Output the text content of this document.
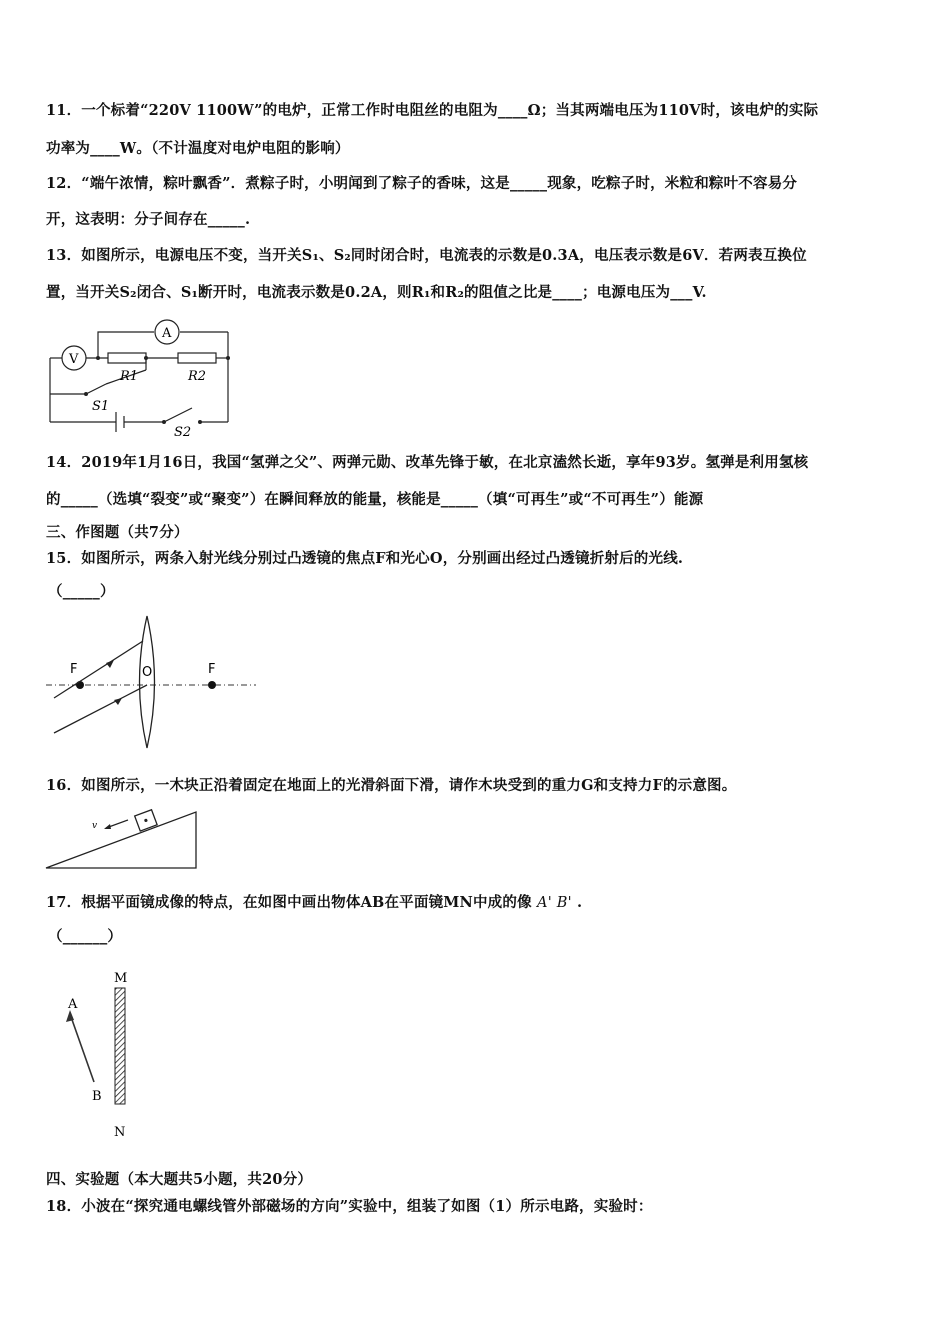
11．一个标着“220V 1100W”的电炉，正常工作时电阻丝的电阻为____Ω；当其两端电压为110V时，该电炉的实际
功率为____W。（不计温度对电炉电阻的影响）
12．“端午浓情，粽叶飘香”．煮粽子时，小明闻到了粽子的香味，这是_____现象，吃粽子时，米粒和粽叶不容易分
开，这表明：分子间存在_____.
13．如图所示，电源电压不变，当开关S₁、S₂同时闭合时，电流表的示数是0.3A，电压表示数是6V．若两表互换位
置，当开关S₂闭合、S₁断开时，电流表示数是0.2A，则R₁和R₂的阻值之比是____；电源电压为___V.
V
A
R1	R2
S1
S2
14．2019年1月16日，我国“氢弹之父”、两弹元勋、改革先锋于敏，在北京溘然长逝，享年93岁。氢弹是利用氢核
的_____（选填“裂变”或“聚变”）在瞬间释放的能量，核能是_____（填“可再生”或“不可再生”）能源
三、作图题（共7分）
15．如图所示，两条入射光线分别过凸透镜的焦点F和光心O，分别画出经过凸透镜折射后的光线.
（_____）
F	O	F
16．如图所示，一木块正沿着固定在地面上的光滑斜面下滑，请作木块受到的重力G和支持力F的示意图。
v
17．根据平面镜成像的特点，在如图中画出物体AB在平面镜MN中成的像 A' B' .
（______）
M
N
A
B
四、实验题（本大题共5小题，共20分）
18．小波在“探究通电螺线管外部磁场的方向”实验中，组装了如图（1）所示电路，实验时：
